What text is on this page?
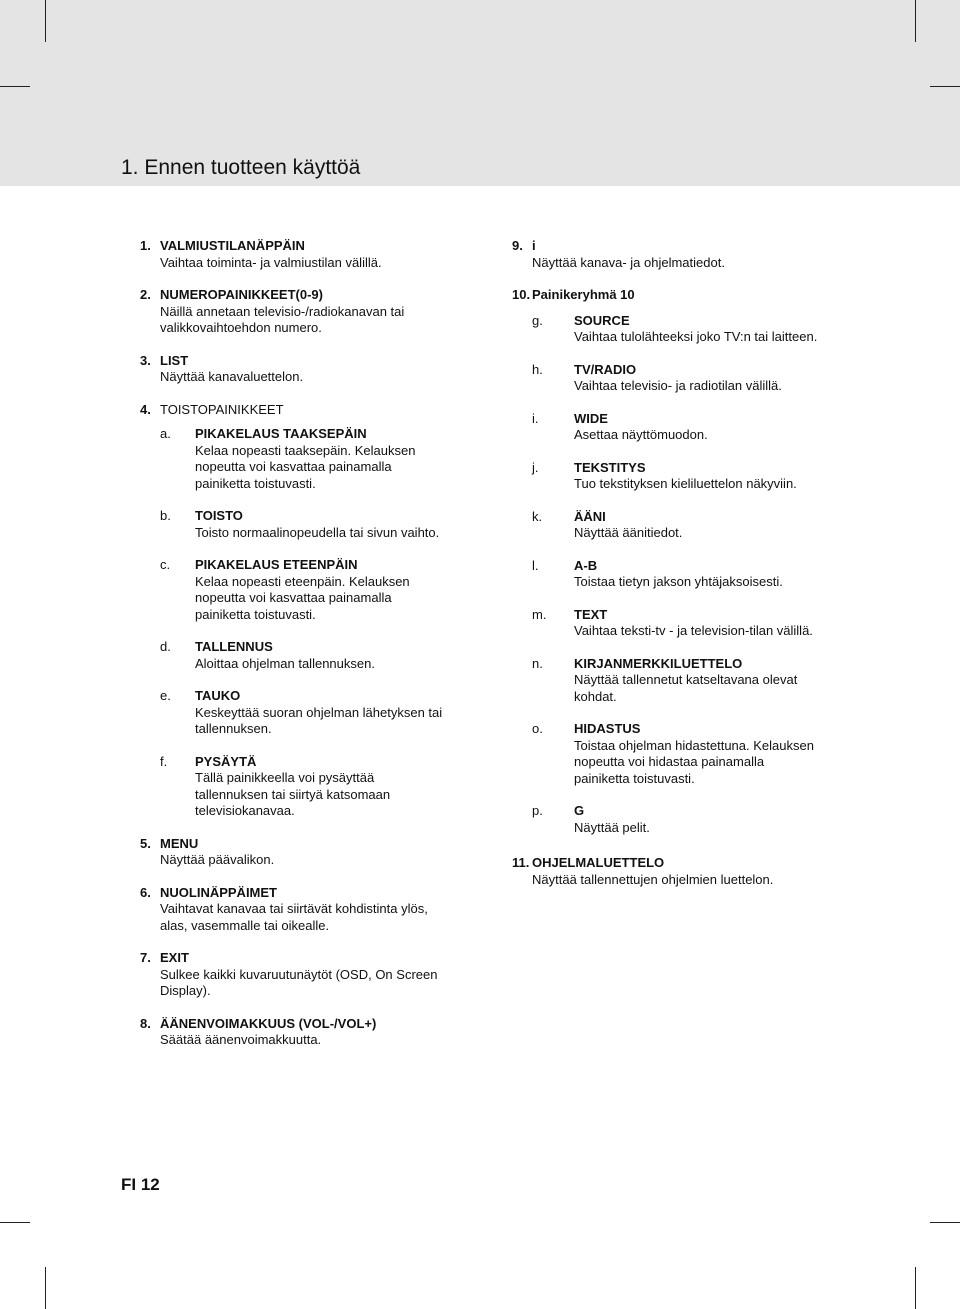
1. Ennen tuotteen käyttöä
1. VALMIUSTILANÄPPÄIN
Vaihtaa toiminta- ja valmiustilan välillä.
2. NUMEROPAINIKKEET(0-9)
Näillä annetaan televisio-/radiokanavan tai
valikkovaihtoehdon numero.
3. LIST
Näyttää kanavaluettelon.
4. TOISTOPAINIKKEET
a. PIKAKELAUS TAAKSEPÄIN
Kelaa nopeasti taaksepäin. Kelauksen
nopeutta voi kasvattaa painamalla
painiketta toistuvasti.
b. TOISTO
Toisto normaalinopeudella tai sivun vaihto.
c. PIKAKELAUS ETEENPÄIN
Kelaa nopeasti eteenpäin. Kelauksen
nopeutta voi kasvattaa painamalla
painiketta toistuvasti.
d. TALLENNUS
Aloittaa ohjelman tallennuksen.
e. TAUKO
Keskeyttää suoran ohjelman lähetyksen tai
tallennuksen.
f. PYSÄYTÄ
Tällä painikkeella voi pysäyttää
tallennuksen tai siirtyä katsomaan
televisiokanavaa.
5. MENU
Näyttää päävalikon.
6. NUOLINÄPPÄIMET
Vaihtavat kanavaa tai siirtävät kohdistinta ylös,
alas, vasemmalle tai oikealle.
7. EXIT
Sulkee kaikki kuvaruutunäytöt (OSD, On Screen
Display).
8. ÄÄNENVOIMAKKUUS (VOL-/VOL+)
Säätää äänenvoimakkuutta.
9. i
Näyttää kanava- ja ohjelmatiedot.
10. Painikeryhmä 10
g. SOURCE
Vaihtaa tulolähteeksi joko TV:n tai laitteen.
h. TV/RADIO
Vaihtaa televisio- ja radiotilan välillä.
i.	WIDE
Asettaa näyttömuodon.
j.	TEKSTITYS
Tuo tekstityksen kieliluettelon näkyviin.
k. ÄÄNI
Näyttää äänitiedot.
l.	A-B
Toistaa tietyn jakson yhtäjaksoisesti.
m. TEXT
Vaihtaa teksti-tv - ja television-tilan välillä.
n. KIRJANMERKKILUETTELO
Näyttää tallennetut katseltavana olevat
kohdat.
o. HIDASTUS
Toistaa ohjelman hidastettuna. Kelauksen
nopeutta voi hidastaa painamalla
painiketta toistuvasti.
p. G
Näyttää pelit.
11. OHJELMALUETTELO
Näyttää tallennettujen ohjelmien luettelon.
FI 12
